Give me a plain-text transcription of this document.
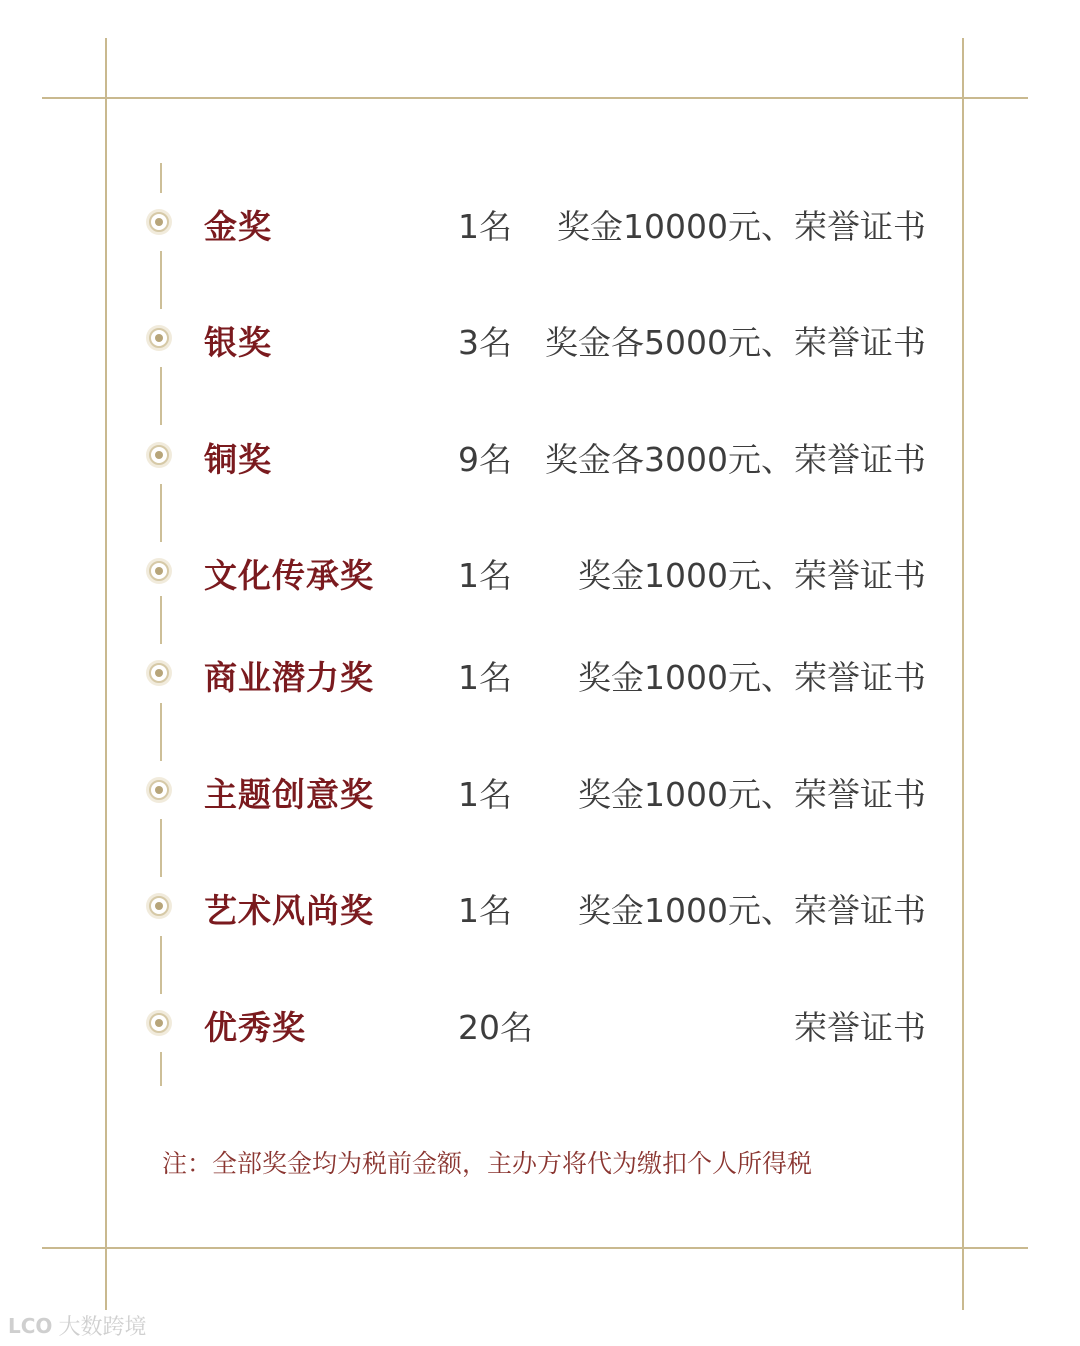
金奖	1名 奖金10000元、荣誉证书
银奖	3名 奖金各5000元、荣誉证书
铜奖	9名 奖金各3000元、荣誉证书
文化传承奖	1名 奖金1000元、荣誉证书
商业潜力奖	1名 奖金1000元、荣誉证书
主题创意奖	1名 奖金1000元、荣誉证书
艺术风尚奖	1名 奖金1000元、荣誉证书
优秀奖	20名	荣誉证书
注：全部奖金均为税前金额，主办方将代为缴扣个人所得税
LCO 大数跨境
